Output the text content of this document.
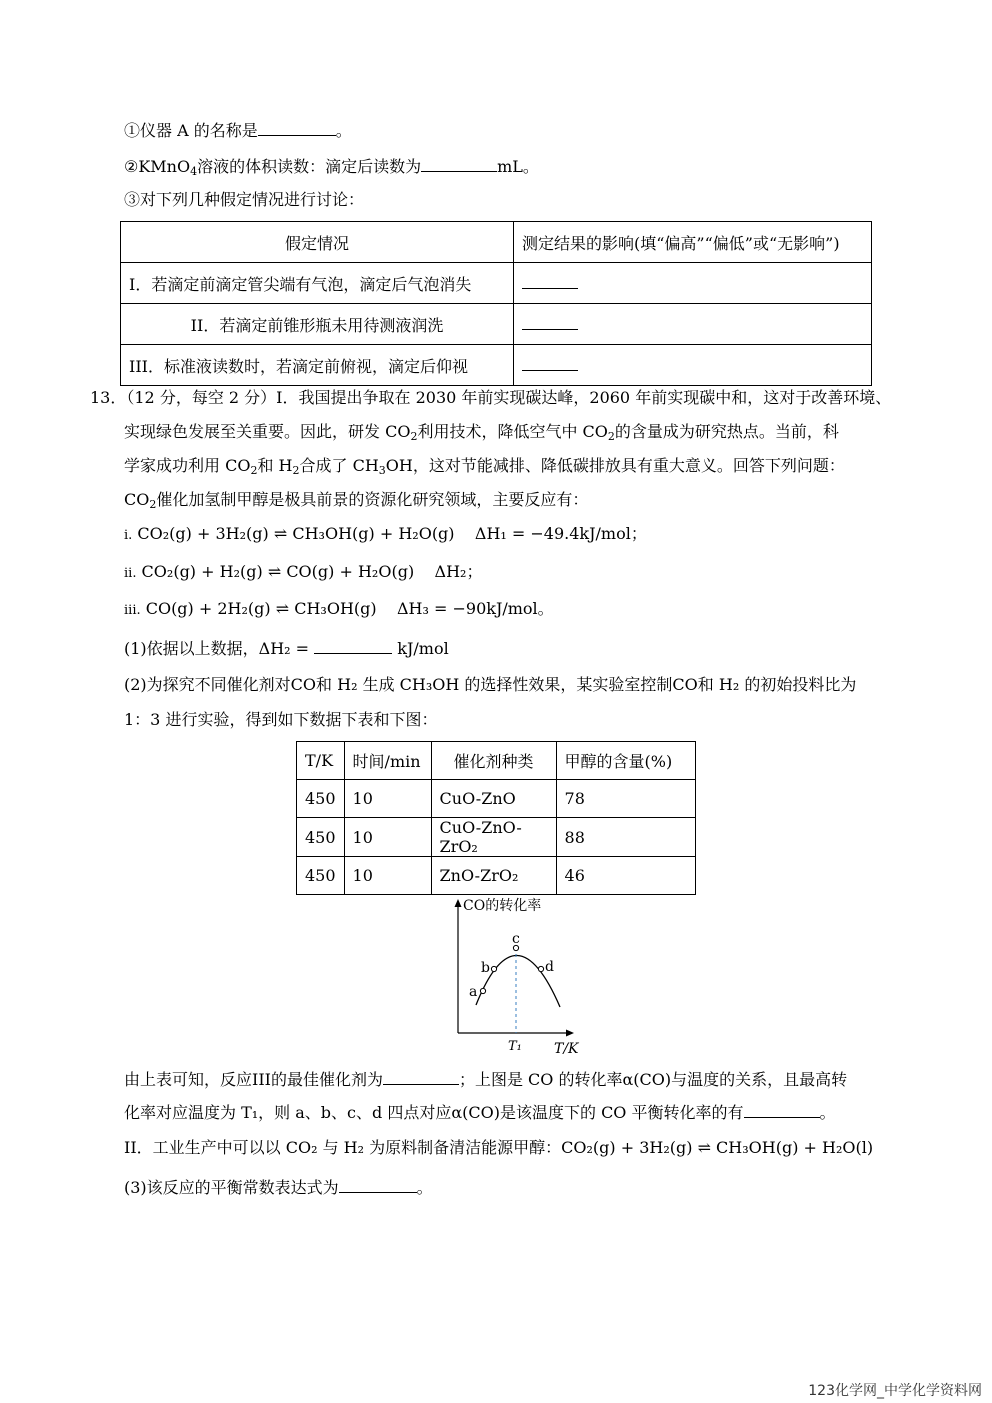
①仪器 A 的名称是	。
②KMnO$_4$溶液的体积读数：滴定后读数为	mL。
③对下列几种假定情况进行讨论：
假定情况	测定结果的影响(填“偏高”“偏低”或“无影响”)
I．若滴定前滴定管尖端有气泡，滴定后气泡消失	
II．若滴定前锥形瓶未用待测液润洗	
III．标准液读数时，若滴定前俯视，滴定后仰视	
13．（12 分，每空 2 分）I．我国提出争取在 2030 年前实现碳达峰，2060 年前实现碳中和，这对于改善环境、
实现绿色发展至关重要。因此，研发 $CO_2$利用技术，降低空气中 $CO_2$的含量成为研究热点。当前，科
学家成功利用 $CO_2$和 $H_2$合成了 $CH_3OH$，这对节能减排、降低碳排放具有重大意义。回答下列问题：
$CO_2$催化加氢制甲醇是极具前景的资源化研究领域，主要反应有：
i. CO₂(g) + 3H₂(g) ⇌ CH₃OH(g) + H₂O(g) ΔH₁ = −49.4kJ/mol；
ii. CO₂(g) + H₂(g) ⇌ CO(g) + H₂O(g) ΔH₂；
iii. CO(g) + 2H₂(g) ⇌ CH₃OH(g) ΔH₃ = −90kJ/mol。
(1)依据以上数据，ΔH₂ =	kJ/mol
(2)为探究不同催化剂对CO和 H₂ 生成 CH₃OH 的选择性效果，某实验室控制CO和 H₂ 的初始投料比为
1：3 进行实验，得到如下数据下表和下图：
T/K	时间/min	催化剂种类	甲醇的含量(%)
450	10	CuO-ZnO	78
450	10	CuO-ZnO-ZrO₂	88
450	10	ZnO-ZrO₂	46
CO的转化率
a
b
c
d
T₁ T/K
由上表可知，反应III的最佳催化剂为	；上图是 CO 的转化率α(CO)与温度的关系，且最高转
化率对应温度为 T₁，则 a、b、c、d 四点对应α(CO)是该温度下的 CO 平衡转化率的有	。
II．工业生产中可以以 CO₂ 与 H₂ 为原料制备清洁能源甲醇：CO₂(g) + 3H₂(g) ⇌ CH₃OH(g) + H₂O(l)
(3)该反应的平衡常数表达式为	。
123化学网_中学化学资料网
